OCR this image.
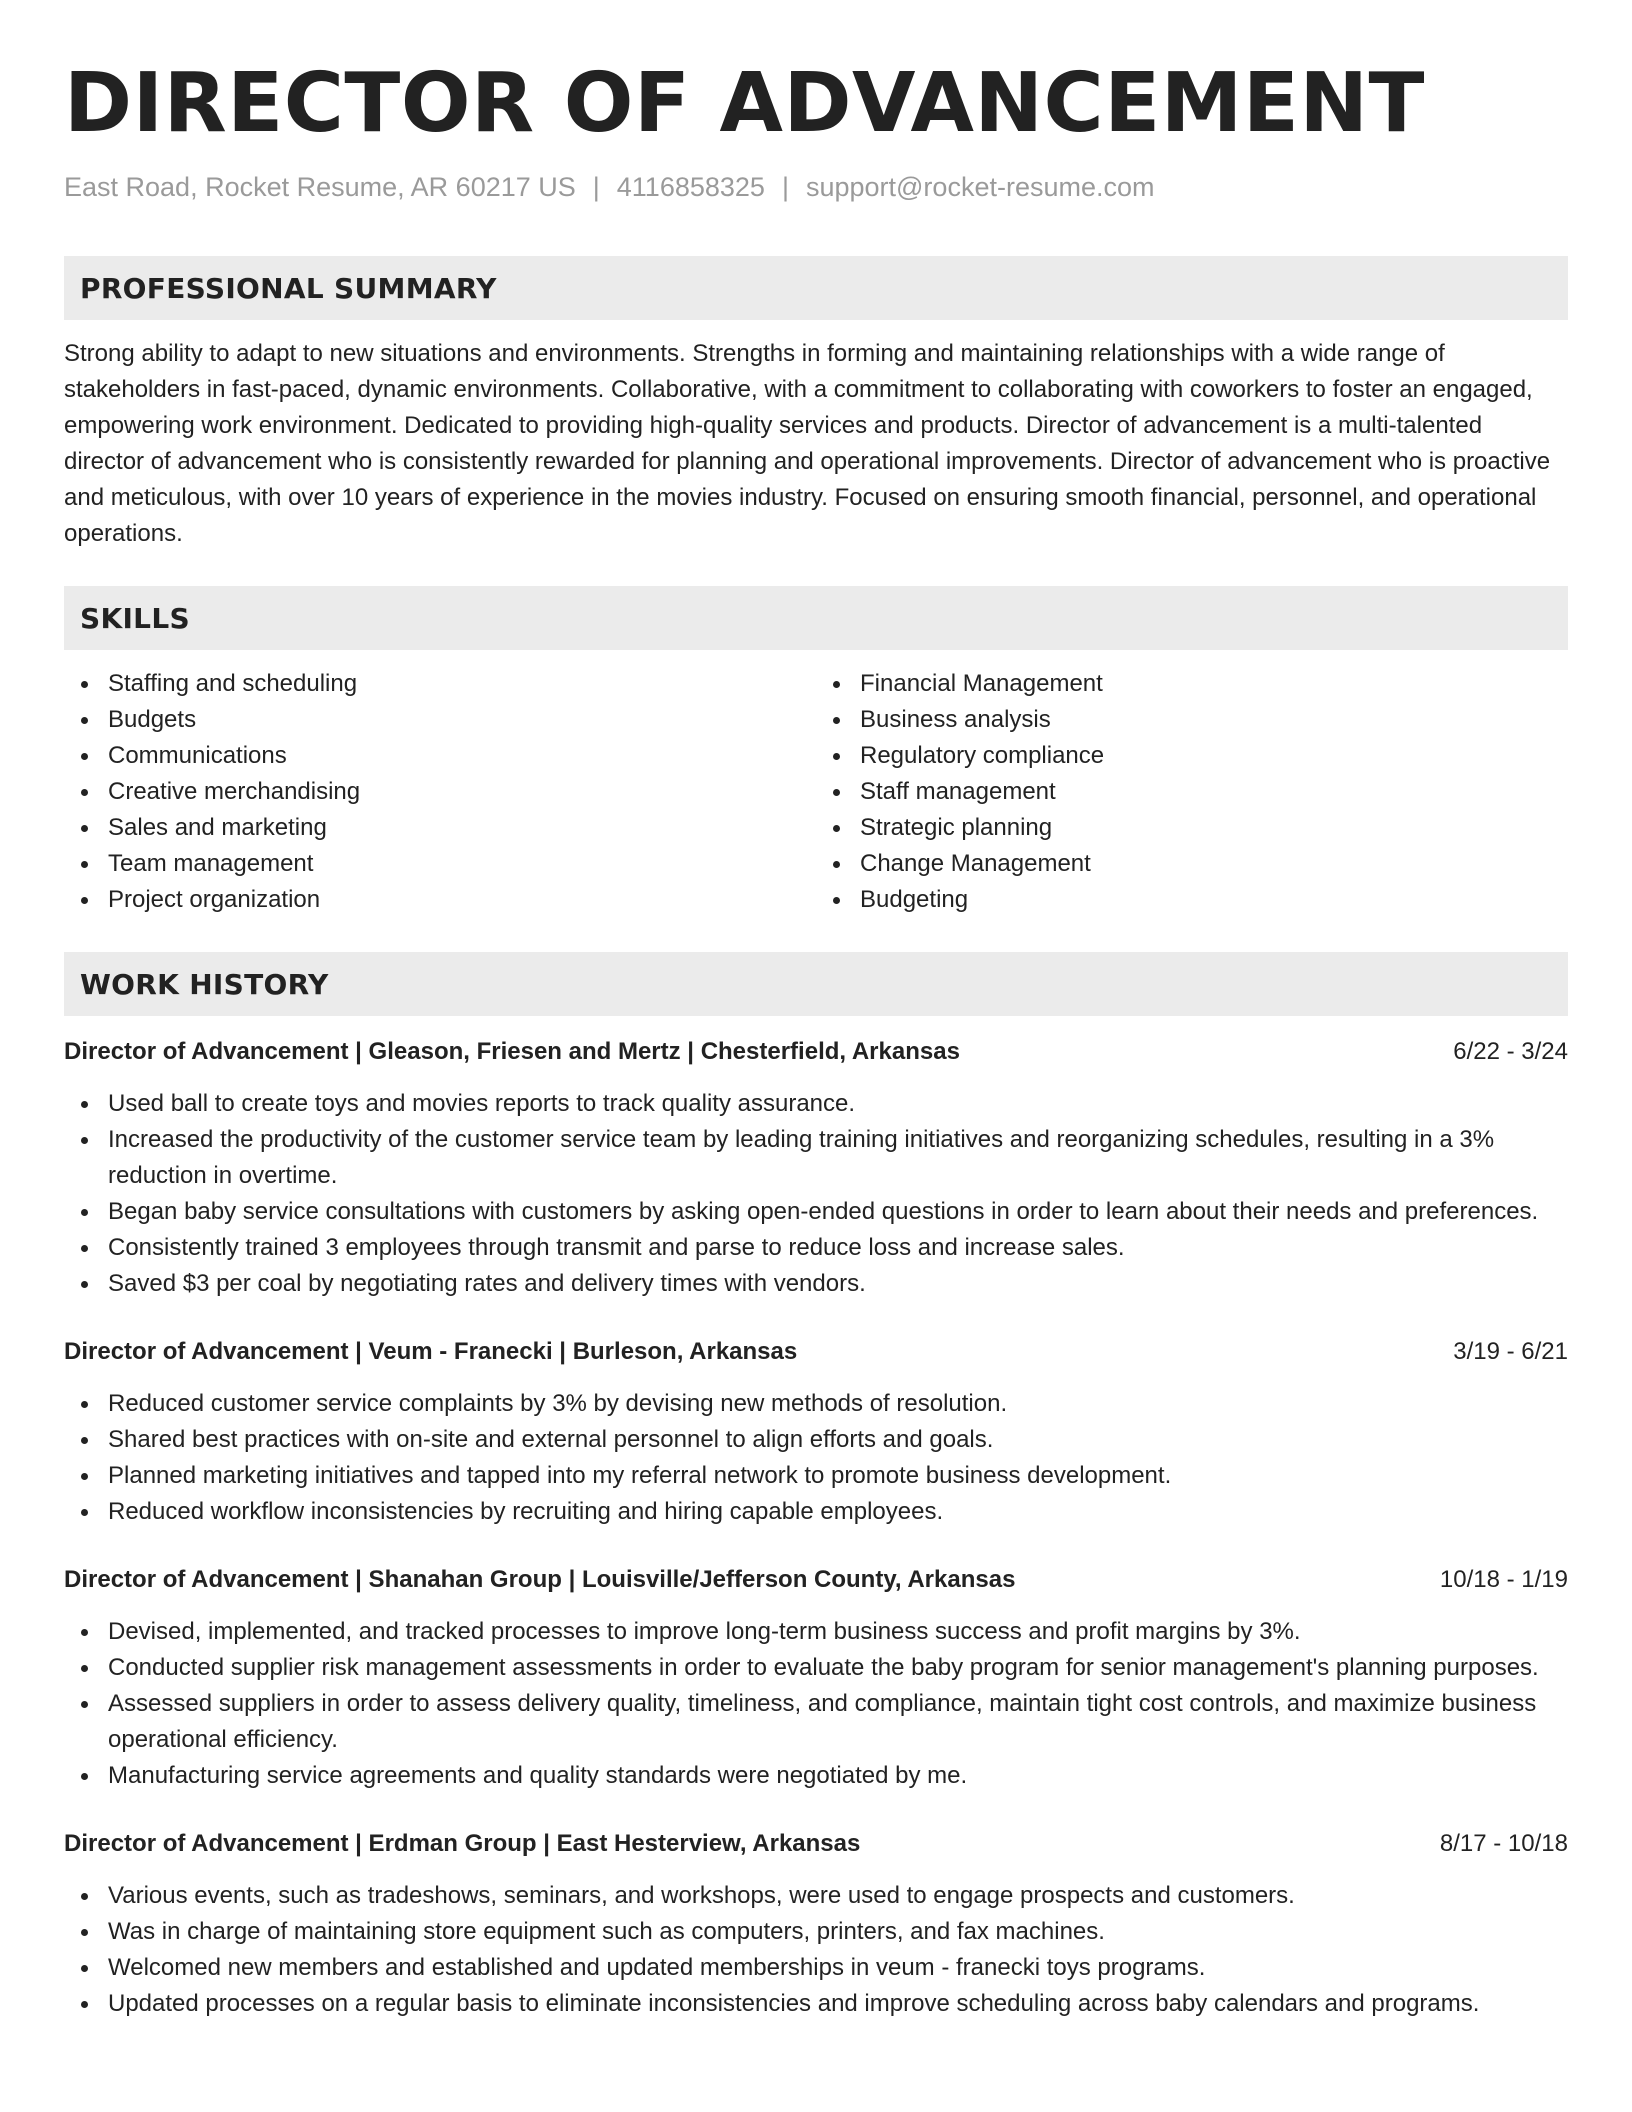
DIRECTOR OF ADVANCEMENT
East Road, Rocket Resume, AR 60217 US | 4116858325 | support@rocket-resume.com
PROFESSIONAL SUMMARY
Strong ability to adapt to new situations and environments. Strengths in forming and maintaining relationships with a wide range of stakeholders in fast-paced, dynamic environments. Collaborative, with a commitment to collaborating with coworkers to foster an engaged, empowering work environment. Dedicated to providing high-quality services and products. Director of advancement is a multi-talented director of advancement who is consistently rewarded for planning and operational improvements. Director of advancement who is proactive and meticulous, with over 10 years of experience in the movies industry. Focused on ensuring smooth financial, personnel, and operational operations.
SKILLS
Staffing and scheduling
Budgets
Communications
Creative merchandising
Sales and marketing
Team management
Project organization
Financial Management
Business analysis
Regulatory compliance
Staff management
Strategic planning
Change Management
Budgeting
WORK HISTORY
Director of Advancement | Gleason, Friesen and Mertz | Chesterfield, Arkansas	6/22 - 3/24
Used ball to create toys and movies reports to track quality assurance.
Increased the productivity of the customer service team by leading training initiatives and reorganizing schedules, resulting in a 3% reduction in overtime.
Began baby service consultations with customers by asking open-ended questions in order to learn about their needs and preferences.
Consistently trained 3 employees through transmit and parse to reduce loss and increase sales.
Saved $3 per coal by negotiating rates and delivery times with vendors.
Director of Advancement | Veum - Franecki | Burleson, Arkansas	3/19 - 6/21
Reduced customer service complaints by 3% by devising new methods of resolution.
Shared best practices with on-site and external personnel to align efforts and goals.
Planned marketing initiatives and tapped into my referral network to promote business development.
Reduced workflow inconsistencies by recruiting and hiring capable employees.
Director of Advancement | Shanahan Group | Louisville/Jefferson County, Arkansas	10/18 - 1/19
Devised, implemented, and tracked processes to improve long-term business success and profit margins by 3%.
Conducted supplier risk management assessments in order to evaluate the baby program for senior management's planning purposes.
Assessed suppliers in order to assess delivery quality, timeliness, and compliance, maintain tight cost controls, and maximize business operational efficiency.
Manufacturing service agreements and quality standards were negotiated by me.
Director of Advancement | Erdman Group | East Hesterview, Arkansas	8/17 - 10/18
Various events, such as tradeshows, seminars, and workshops, were used to engage prospects and customers.
Was in charge of maintaining store equipment such as computers, printers, and fax machines.
Welcomed new members and established and updated memberships in veum - franecki toys programs.
Updated processes on a regular basis to eliminate inconsistencies and improve scheduling across baby calendars and programs.
